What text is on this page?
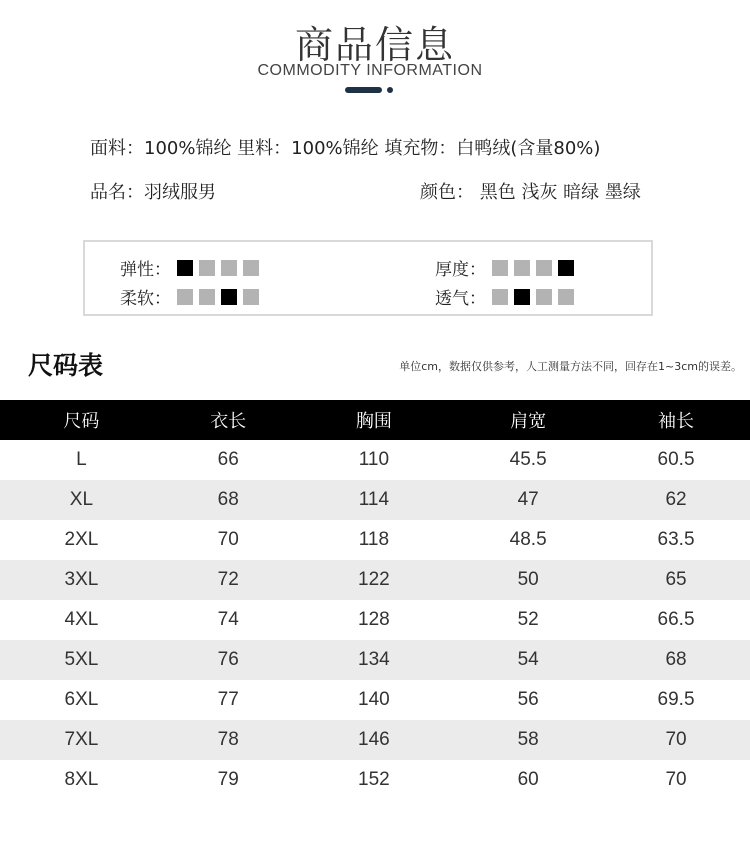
商品信息
COMMODITY INFORMATION
面料：100%锦纶 里料：100%锦纶 填充物：白鸭绒(含量80%)
品名：羽绒服男	颜色： 黑色 浅灰 暗绿 墨绿
弹性：
柔软：
厚度：
透气：
尺码表	单位cm，数据仅供参考，人工测量方法不同，回存在1~3cm的误差。
尺码	衣长	胸围	肩宽	袖长
L	66	110	45.5	60.5
XL	68	114	47	62
2XL	70	118	48.5	63.5
3XL	72	122	50	65
4XL	74	128	52	66.5
5XL	76	134	54	68
6XL	77	140	56	69.5
7XL	78	146	58	70
8XL	79	152	60	70
